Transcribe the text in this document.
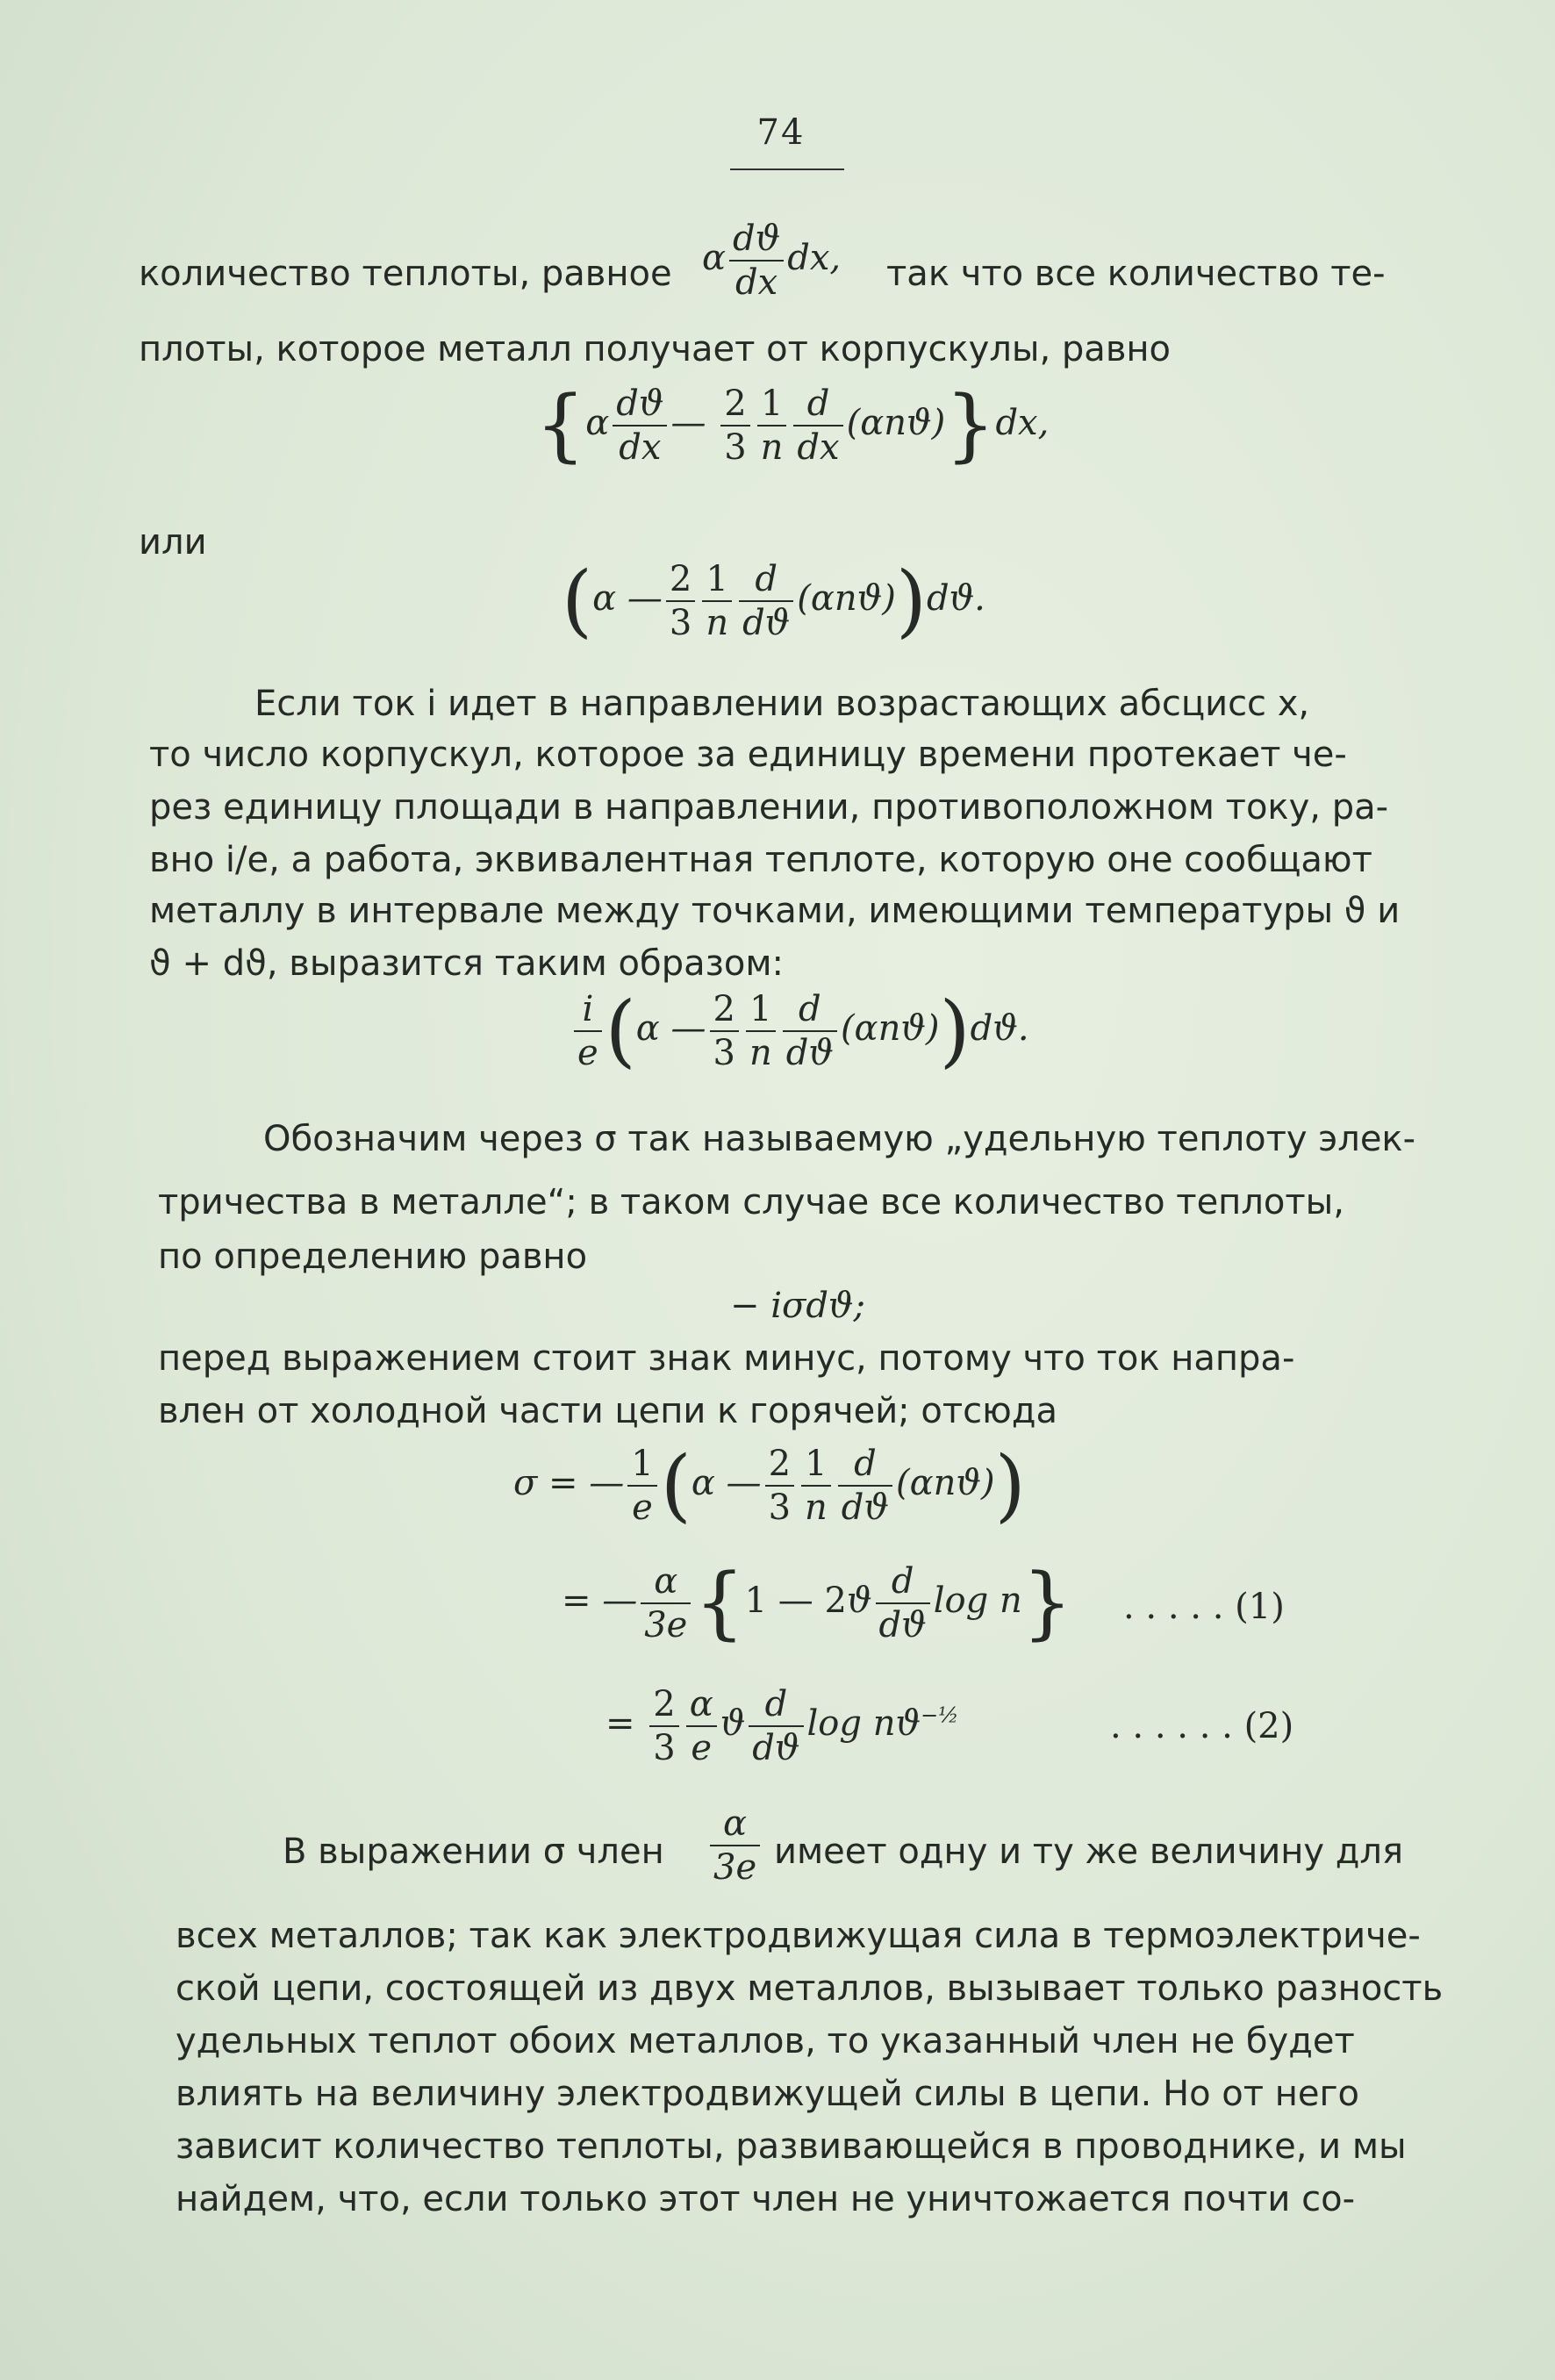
74
количество теплоты, равное α $\frac{dϑ}{dx}$ dx, так что все количество те-
плоты, которое металл получает от корпускулы, равно
{$\alpha \frac{dϑ}{dx}$ — $\frac{2}{3} \frac{1}{n} \frac{d}{dx} (\alpha nϑ)\}dx$,
или
(α — $\frac{2}{3} \frac{1}{n} \frac{d}{dϑ} (\alpha nϑ))dϑ$.
Если ток i идет в направлении возрастающих абсцисс x,
то число корпускул, которое за единицу времени протекает че-
рез единицу площади в направлении, противоположном току, ра-
вно i/e, а работа, эквивалентная теплоте, которую оне сообщают
металлу в интервале между точками, имеющими температуры ϑ и
ϑ + dϑ, выразится таким образом:
$\frac{i}{e} (\alpha$ — $\frac{2}{3} \frac{1}{n} \frac{d}{dϑ} (\alpha nϑ))dϑ$.
Обозначим через σ так называемую „удельную теплоту элек-
тричества в металле“; в таком случае все количество теплоты,
по определению равно
− iσdϑ;
перед выражением стоит знак минус, потому что ток напра-
влен от холодной части цепи к горячей; отсюда
σ = — $\frac{1}{e} (\alpha$ — $\frac{2}{3} \frac{1}{n} \frac{d}{dϑ} (\alpha nϑ)$)
= — $\frac{\alpha}{3e} \{1$ — $2ϑ \frac{d}{dϑ}$ log n} . . . . . (1)
= $\frac{2}{3} \frac{\alpha}{e}$ ϑ $\frac{d}{dϑ}$ $\log nϑ^{-\frac{1}{2}}$	. . . . . . (2)
В выражении σ член $\frac{\alpha}{3e}$ имеет одну и ту же величину для
всех металлов; так как электродвижущая сила в термоэлектриче-
ской цепи, состоящей из двух металлов, вызывает только разность
удельных теплот обоих металлов, то указанный член не будет
влиять на величину электродвижущей силы в цепи. Но от него
зависит количество теплоты, развивающейся в проводнике, и мы
найдем, что, если только этот член не уничтожается почти со-
